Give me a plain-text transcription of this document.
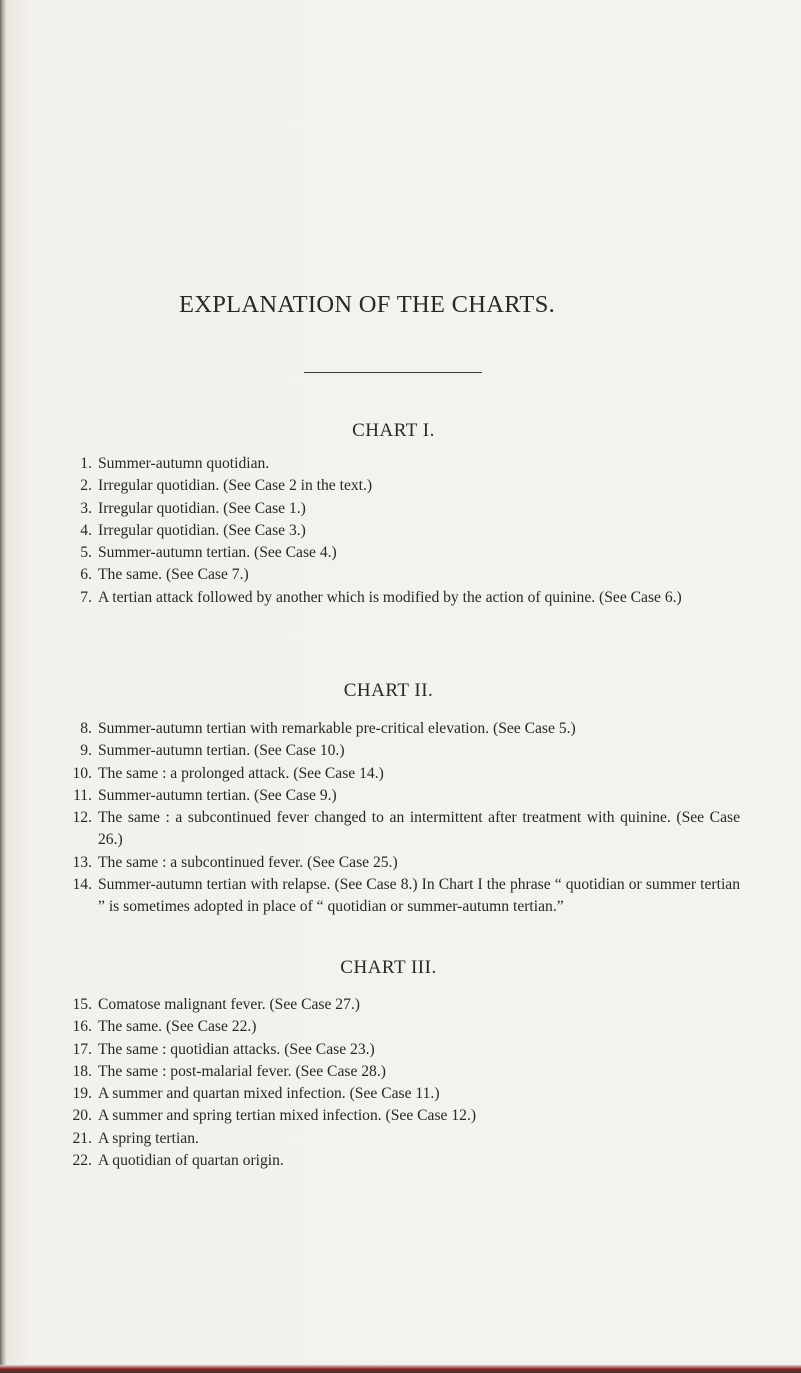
EXPLANATION OF THE CHARTS.
CHART I.
1. Summer-autumn quotidian.
2. Irregular quotidian. (See Case 2 in the text.)
3. Irregular quotidian. (See Case 1.)
4. Irregular quotidian. (See Case 3.)
5. Summer-autumn tertian. (See Case 4.)
6. The same. (See Case 7.)
7. A tertian attack followed by another which is modified by the action of quinine. (See Case 6.)
CHART II.
8. Summer-autumn tertian with remarkable pre-critical elevation. (See Case 5.)
9. Summer-autumn tertian. (See Case 10.)
10. The same : a prolonged attack. (See Case 14.)
11. Summer-autumn tertian. (See Case 9.)
12. The same : a subcontinued fever changed to an intermittent after treatment with quinine. (See Case 26.)
13. The same : a subcontinued fever. (See Case 25.)
14. Summer-autumn tertian with relapse. (See Case 8.) In Chart I the phrase “ quotidian or summer tertian ” is sometimes adopted in place of “ quotidian or summer-autumn tertian.”
CHART III.
15. Comatose malignant fever. (See Case 27.)
16. The same. (See Case 22.)
17. The same : quotidian attacks. (See Case 23.)
18. The same : post-malarial fever. (See Case 28.)
19. A summer and quartan mixed infection. (See Case 11.)
20. A summer and spring tertian mixed infection. (See Case 12.)
21. A spring tertian.
22. A quotidian of quartan origin.
